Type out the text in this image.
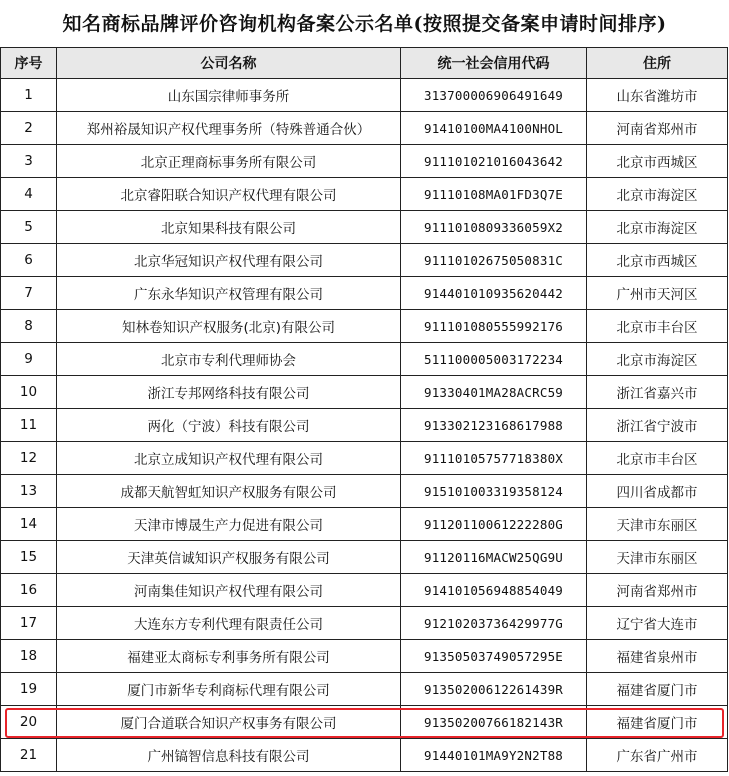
知名商标品牌评价咨询机构备案公示名单(按照提交备案申请时间排序)
序号	公司名称	统一社会信用代码	住所
1	山东国宗律师事务所	313700006906491649	山东省潍坊市
2	郑州裕晟知识产权代理事务所（特殊普通合伙）	91410100MA4100NHOL	河南省郑州市
3	北京正理商标事务所有限公司	911101021016043642	北京市西城区
4	北京睿阳联合知识产权代理有限公司	91110108MA01FD3Q7E	北京市海淀区
5	北京知果科技有限公司	9111010809336059X2	北京市海淀区
6	北京华冠知识产权代理有限公司	91110102675050831C	北京市西城区
7	广东永华知识产权管理有限公司	914401010935620442	广州市天河区
8	知林卷知识产权服务(北京)有限公司	911101080555992176	北京市丰台区
9	北京市专利代理师协会	511100005003172234	北京市海淀区
10	浙江专邦网络科技有限公司	91330401MA28ACRC59	浙江省嘉兴市
11	两化（宁波）科技有限公司	913302123168617988	浙江省宁波市
12	北京立成知识产权代理有限公司	91110105757718380X	北京市丰台区
13	成都天航智虹知识产权服务有限公司	915101003319358124	四川省成都市
14	天津市博晟生产力促进有限公司	91120110061222280G	天津市东丽区
15	天津英信诚知识产权服务有限公司	91120116MACW25QG9U	天津市东丽区
16	河南集佳知识产权代理有限公司	914101056948854049	河南省郑州市
17	大连东方专利代理有限责任公司	91210203736429977G	辽宁省大连市
18	福建亚太商标专利事务所有限公司	91350503749057295E	福建省泉州市
19	厦门市新华专利商标代理有限公司	91350200612261439R	福建省厦门市
20	厦门合道联合知识产权事务有限公司	91350200766182143R	福建省厦门市
21	广州镐智信息科技有限公司	91440101MA9Y2N2T88	广东省广州市
